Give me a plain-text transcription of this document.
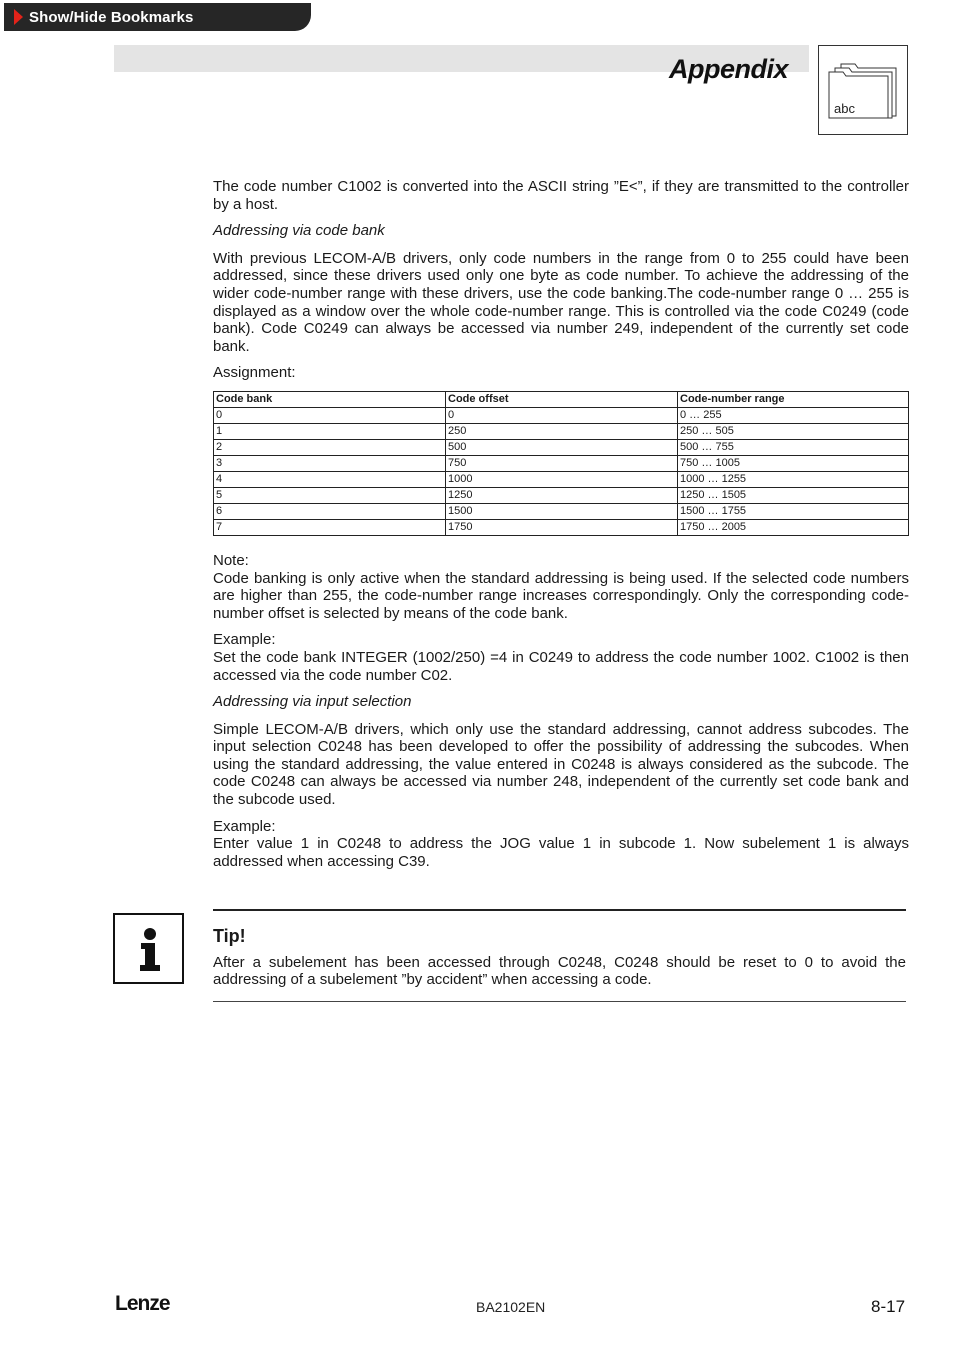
Show/Hide Bookmarks
Appendix
abc

The code number C1002 is converted into the ASCII string ”E<”, if they are transmitted to the controller by a host.

Addressing via code bank

With previous LECOM-A/B drivers, only code numbers in the range from 0 to 255 could have been addressed, since these drivers used only one byte as code number. To achieve the addressing of the wider code-number range with these drivers, use the code banking.The code-number range 0 … 255 is displayed as a window over the whole code-number range. This is controlled via the code C0249 (code bank). Code C0249 can always be accessed via number 249, independent of the currently set code bank.

Assignment:

Code bank	Code offset	Code-number range
0	0	0 … 255
1	250	250 … 505
2	500	500 … 755
3	750	750 … 1005
4	1000	1000 … 1255
5	1250	1250 … 1505
6	1500	1500 … 1755
7	1750	1750 … 2005

Note:

Code banking is only active when the standard addressing is being used. If the selected code numbers are higher than 255, the code-number range increases correspondingly. Only the corresponding code-number offset is selected by means of the code bank.

Example:

Set the code bank INTEGER (1002/250) =4 in C0249 to address the code number 1002. C1002 is then accessed via the code number C02.

Addressing via input selection

Simple LECOM-A/B drivers, which only use the standard addressing, cannot address subcodes. The input selection C0248 has been developed to offer the possibility of addressing the subcodes. When using the standard addressing, the value entered in C0248 is always considered as the subcode. The code C0248 can always be accessed via number 248, independent of the currently set code bank and the subcode used.

Example:

Enter value 1 in C0248 to address the JOG value 1 in subcode 1. Now subelement 1 is always addressed when accessing C39.

Tip!
After a subelement has been accessed through C0248, C0248 should be reset to 0 to avoid the addressing of a subelement ”by accident” when accessing a code.
Lenze	BA2102EN	8-17
